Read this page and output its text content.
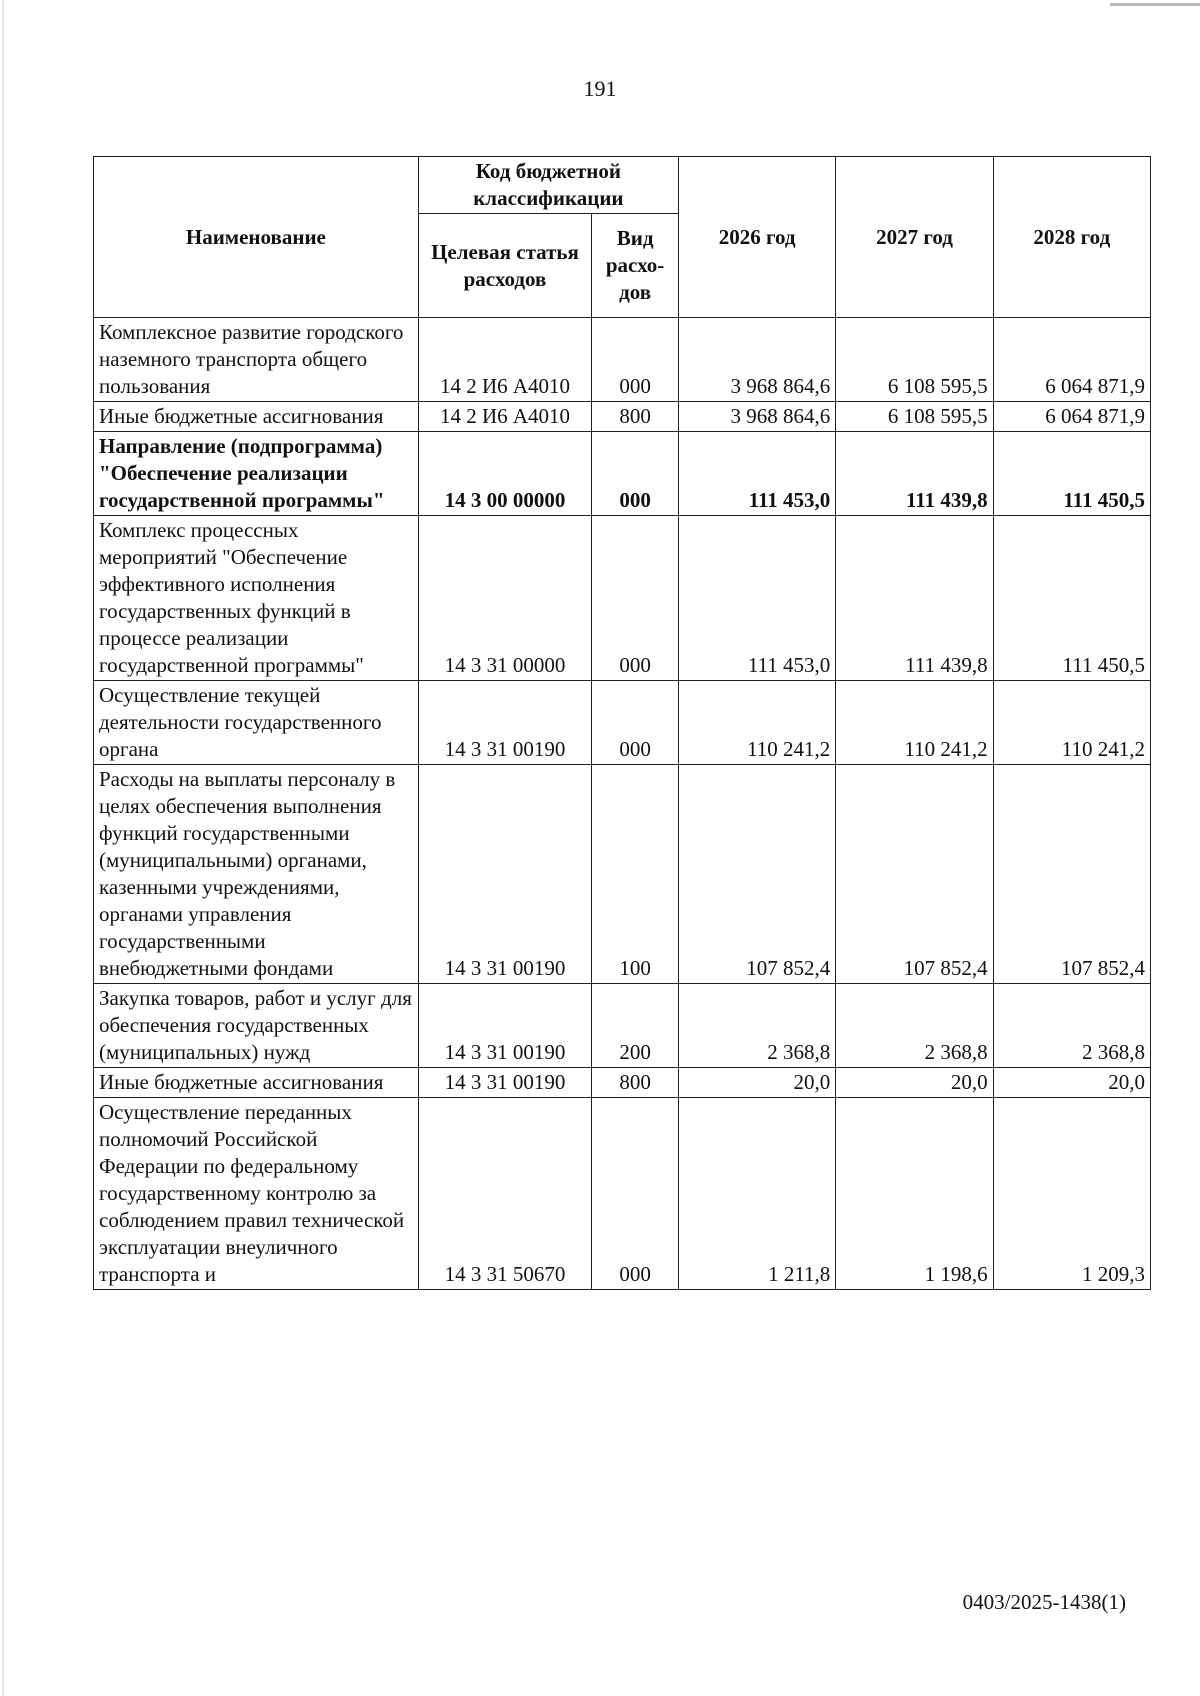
191
Наименование	Код бюджетной классификации		2026 год	2027 год	2028 год
	Целевая статья расходов	Вид расхо-дов			
Комплексное развитие городского наземного транспорта общего пользования	14 2 И6 А4010	000	3 968 864,6	6 108 595,5	6 064 871,9
Иные бюджетные ассигнования	14 2 И6 А4010	800	3 968 864,6	6 108 595,5	6 064 871,9
Направление (подпрограмма) "Обеспечение реализации государственной программы"	14 3 00 00000	000	111 453,0	111 439,8	111 450,5
Комплекс процессных мероприятий "Обеспечение эффективного исполнения государственных функций в процессе реализации государственной программы"	14 3 31 00000	000	111 453,0	111 439,8	111 450,5
Осуществление текущей деятельности государственного органа	14 3 31 00190	000	110 241,2	110 241,2	110 241,2
Расходы на выплаты персоналу в целях обеспечения выполнения функций государственными (муниципальными) органами, казенными учреждениями, органами управления государственными внебюджетными фондами	14 3 31 00190	100	107 852,4	107 852,4	107 852,4
Закупка товаров, работ и услуг для обеспечения государственных (муниципальных) нужд	14 3 31 00190	200	2 368,8	2 368,8	2 368,8
Иные бюджетные ассигнования	14 3 31 00190	800	20,0	20,0	20,0
Осуществление переданных полномочий Российской Федерации по федеральному государственному контролю за соблюдением правил технической эксплуатации внеуличного транспорта и	14 3 31 50670	000	1 211,8	1 198,6	1 209,3
0403/2025-1438(1)
